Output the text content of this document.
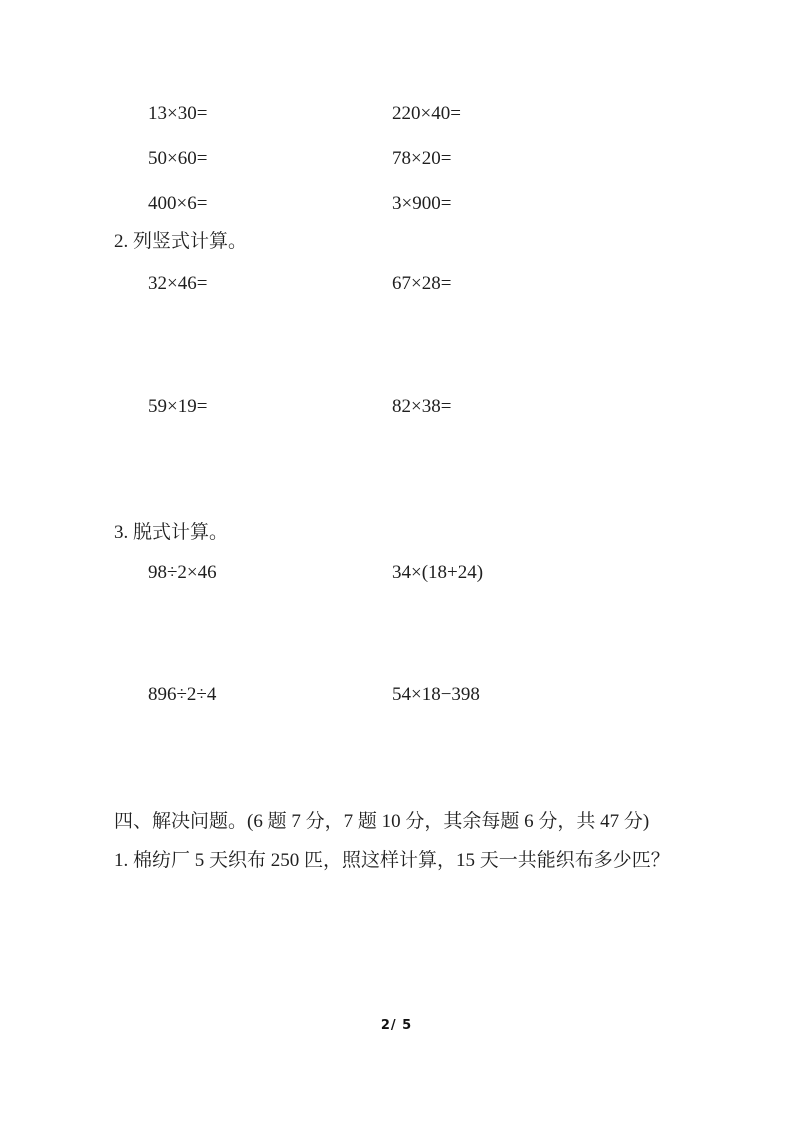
13×30=	220×40=
50×60=	78×20=
400×6=	3×900=
2. 列竖式计算。
32×46=	67×28=
59×19=	82×38=
3. 脱式计算。
98÷2×46	34×(18+24)
896÷2÷4	54×18−398
四、解决问题。(6 题 7 分，7 题 10 分，其余每题 6 分，共 47 分)
1. 棉纺厂 5 天织布 250 匹，照这样计算，15 天一共能织布多少匹？
2/ 5
